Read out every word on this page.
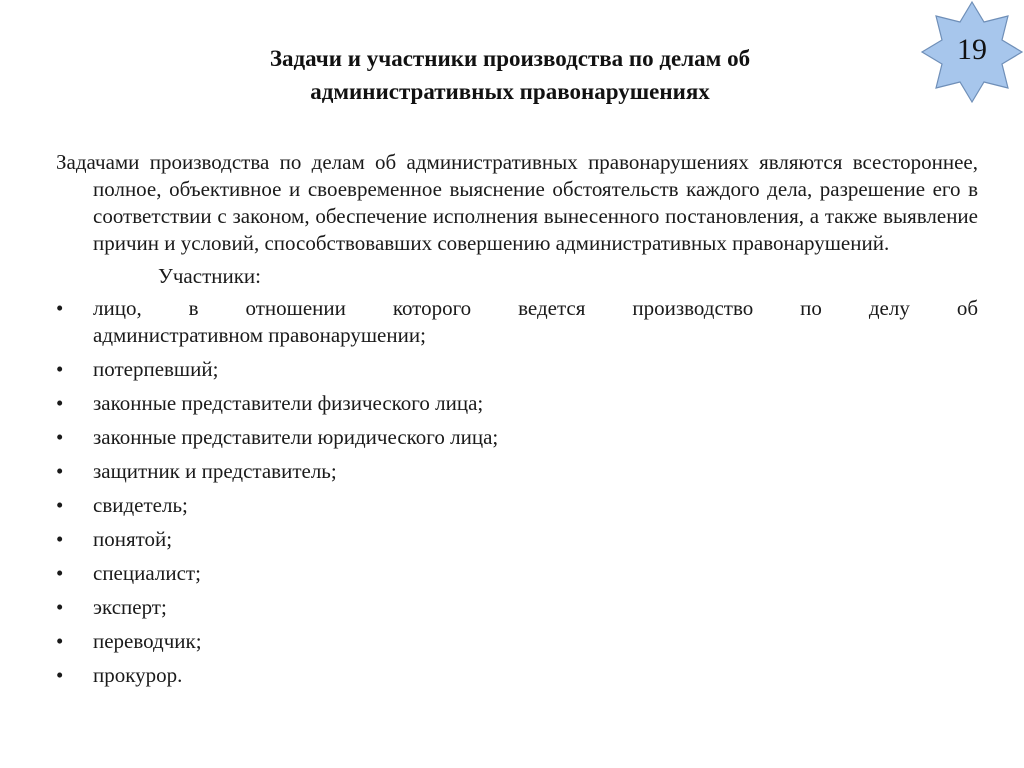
Задачи и участники производства по делам об
административных правонарушениях
19

Задачами производства по делам об административных правонарушениях являются всестороннее, полное, объективное и своевременное выяснение обстоятельств каждого дела, разрешение его в соответствии с законом, обеспечение исполнения вынесенного постановления, а также выявление причин и условий, способствовавших совершению административных правонарушений.

Участники:
•	лицо, в отношении которого ведется производство по делу об
административном правонарушении;
•	потерпевший;
•	законные представители физического лица;
•	законные представители юридического лица;
•	защитник и представитель;
•	свидетель;
•	понятой;
•	специалист;
•	эксперт;
•	переводчик;
•	прокурор.
